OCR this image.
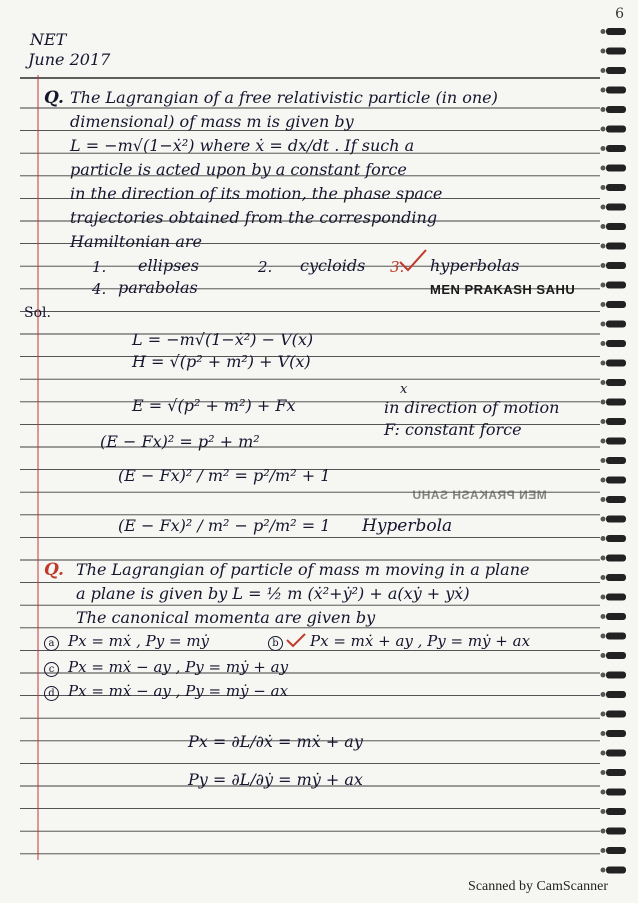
6
NET
June 2017
Q. The Lagrangian of a free relativistic particle (in one)
dimensional) of mass m is given by
L = −m√(1−ẋ²) where ẋ = dx/dt . If such a
particle is acted upon by a constant force
in the direction of its motion, the phase space
trajectories obtained from the corresponding
Hamiltonian are
1. ellipses	2. cycloids 3. hyperbolas
4. parabolas	MEN PRAKASH SAHU
Sol.
L = −m√(1−ẋ²) − V(x)
H = √(p² + m²) + V(x)
E = √(p² + m²) + Fx
x
in direction of motion
F: constant force
(E − Fx)² = p² + m²
(E − Fx)² / m² = p²/m² + 1
MEN PRAKASH SAHU
(E − Fx)² / m² − p²/m² = 1 Hyperbola
Q. The Lagrangian of particle of mass m moving in a plane
a plane is given by L = ½ m (ẋ²+ẏ²) + a(xẏ + yẋ)
The canonical momenta are given by
a Px = mẋ , Py = mẏ	b Px = mẋ + ay , Py = mẏ + ax
c Px = mẋ − ay , Py = mẏ + ay
d Px = mẋ − ay , Py = mẏ − ax
Px = ∂L/∂ẋ = mẋ + ay
Py = ∂L/∂ẏ = mẏ + ax
Scanned by CamScanner
